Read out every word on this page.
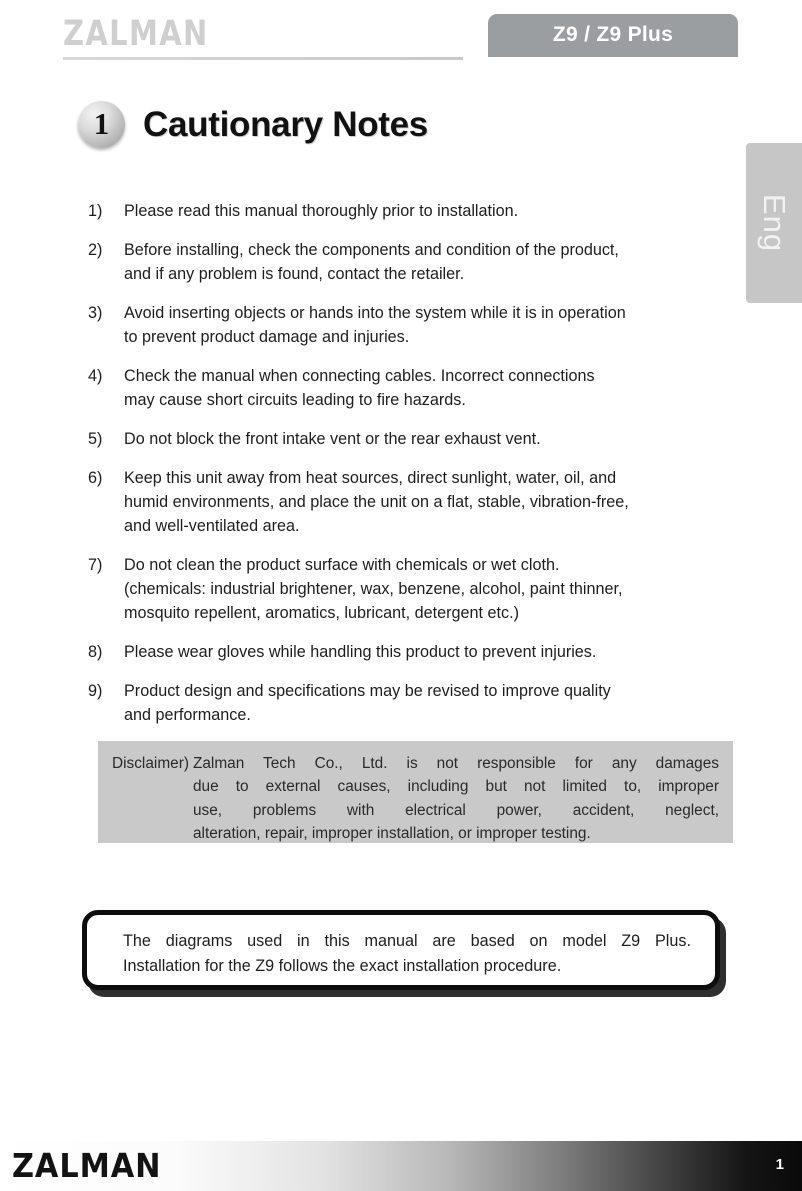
ZALMAN	Z9 / Z9 Plus
Eng
1 Cautionary Notes
1)	Please read this manual thoroughly prior to installation.
2)	Before installing, check the components and condition of the product,
and if any problem is found, contact the retailer.
3)	Avoid inserting objects or hands into the system while it is in operation
to prevent product damage and injuries.
4)	Check the manual when connecting cables. Incorrect connections
may cause short circuits leading to fire hazards.
5)	Do not block the front intake vent or the rear exhaust vent.
6)	Keep this unit away from heat sources, direct sunlight, water, oil, and
humid environments, and place the unit on a flat, stable, vibration-free,
and well-ventilated area.
7)	Do not clean the product surface with chemicals or wet cloth.
(chemicals: industrial brightener, wax, benzene, alcohol, paint thinner,
mosquito repellent, aromatics, lubricant, detergent etc.)
8)	Please wear gloves while handling this product to prevent injuries.
9)	Product design and specifications may be revised to improve quality
and performance.
Disclaimer) Zalman Tech Co., Ltd. is not responsible for any damages
due to external causes, including but not limited to, improper
use, problems with electrical power, accident, neglect,
alteration, repair, improper installation, or improper testing.
The diagrams used in this manual are based on model Z9 Plus.
Installation for the Z9 follows the exact installation procedure.
ZALMAN	1
